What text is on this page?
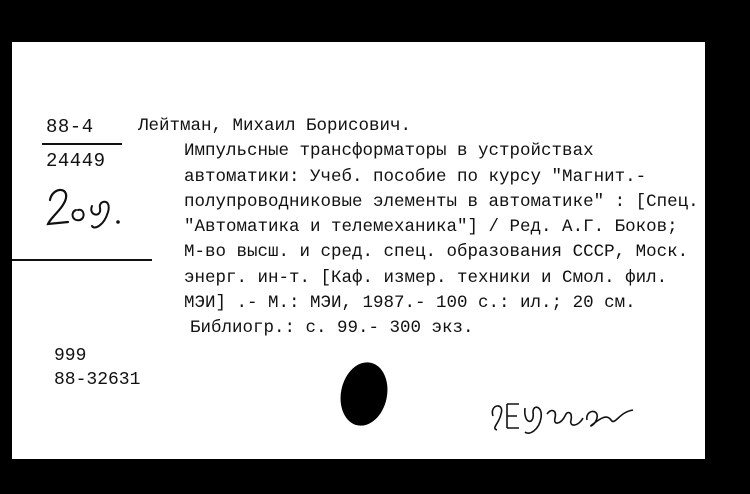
88-4
24449
Лейтман, Михаил Борисович.
Импульсные трансформаторы в устройствах автоматики: Учеб. пособие по курсу "Магнит.-полупроводниковые элементы в автоматике" : [Спец. "Автоматика и телемеханика"] / Ред. А.Г. Боков; М-во высш. и сред. спец. образования СССР, Моск. энерг. ин-т. [Каф. измер. техники и Смол. фил. МЭИ] .- М.: МЭИ, 1987.- 100 с.: ил.; 20 см.
Библиогр.: с. 99.- 300 экз.
999
88-32631
